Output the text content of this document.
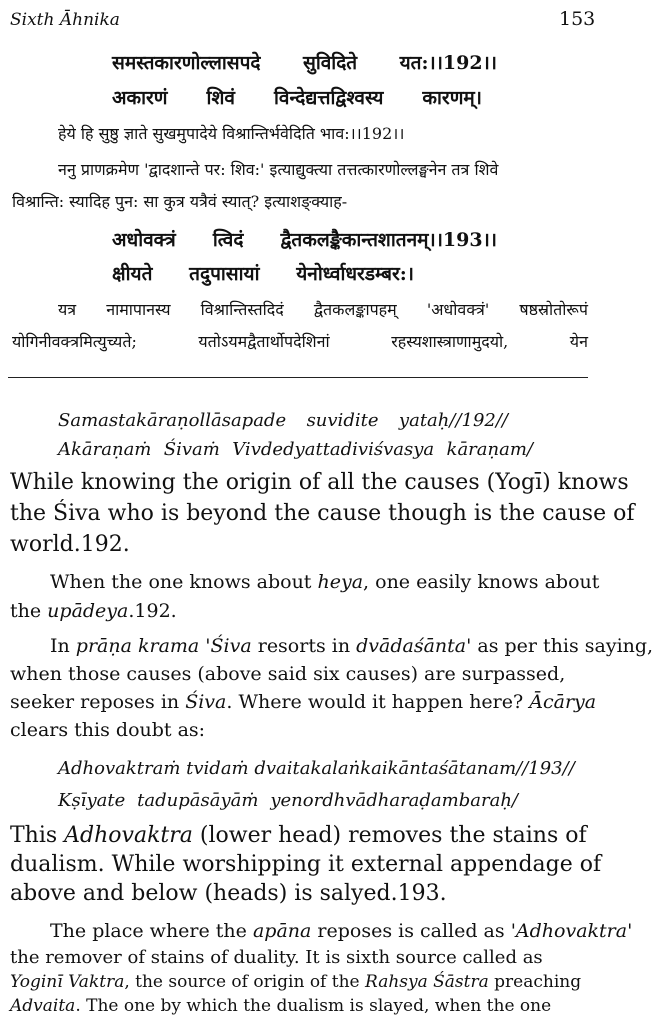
Sixth Āhnika	153
समस्तकारणोल्लासपदे सुविदिते यत:।।192।।
अकारणं शिवं विन्देद्यत्तद्विश्वस्य कारणम्।
हेये हि सुष्ठु ज्ञाते सुखमुपादेये विश्रान्तिर्भवेदिति भाव:।।192।।
ननु प्राणक्रमेण 'द्वादशान्ते पर: शिव:' इत्याद्युक्त्या तत्तत्कारणोल्लङ्घनेन तत्र शिवे
विश्रान्ति: स्यादिह पुन: सा कुत्र यत्रैवं स्यात्? इत्याशङ्क्याह-
अधोवक्त्रं त्विदं द्वैतकलङ्कैकान्तशातनम्।।193।।
क्षीयते तदुपासायां येनोर्ध्वाधरडम्बर:।
यत्र नामापानस्य विश्रान्तिस्तदिदं द्वैतकलङ्कापहम् 'अधोवक्त्रं' षष्ठस्रोतोरूपं
योगिनीवक्त्रमित्युच्यते;	यतोऽयमद्वैतार्थोपदेशिनां	रहस्यशास्त्राणामुदयो,	येन
Samastakāraṇollāsapade suvidite yataḥ//192//
Akāraṇaṁ Śivaṁ Vivdedyattadiviśvasya kāraṇam/
While knowing the origin of all the causes (Yogī) knows
the Śiva who is beyond the cause though is the cause of
world.192.
When the one knows about heya, one easily knows about
the upādeya.192.
In prāṇa krama 'Śiva resorts in dvādaśānta' as per this saying,
when those causes (above said six causes) are surpassed,
seeker reposes in Śiva. Where would it happen here? Ācārya
clears this doubt as:
Adhovaktraṁ tvidaṁ dvaitakalaṅkaikāntaśātanam//193//
Kṣīyate tadupāsāyāṁ yenordhvādharaḍambaraḥ/
This Adhovaktra (lower head) removes the stains of
dualism. While worshipping it external appendage of
above and below (heads) is salyed.193.
The place where the apāna reposes is called as 'Adhovaktra'
the remover of stains of duality. It is sixth source called as
Yoginī Vaktra, the source of origin of the Rahsya Śāstra preaching
Advaita. The one by which the dualism is slayed, when the one
